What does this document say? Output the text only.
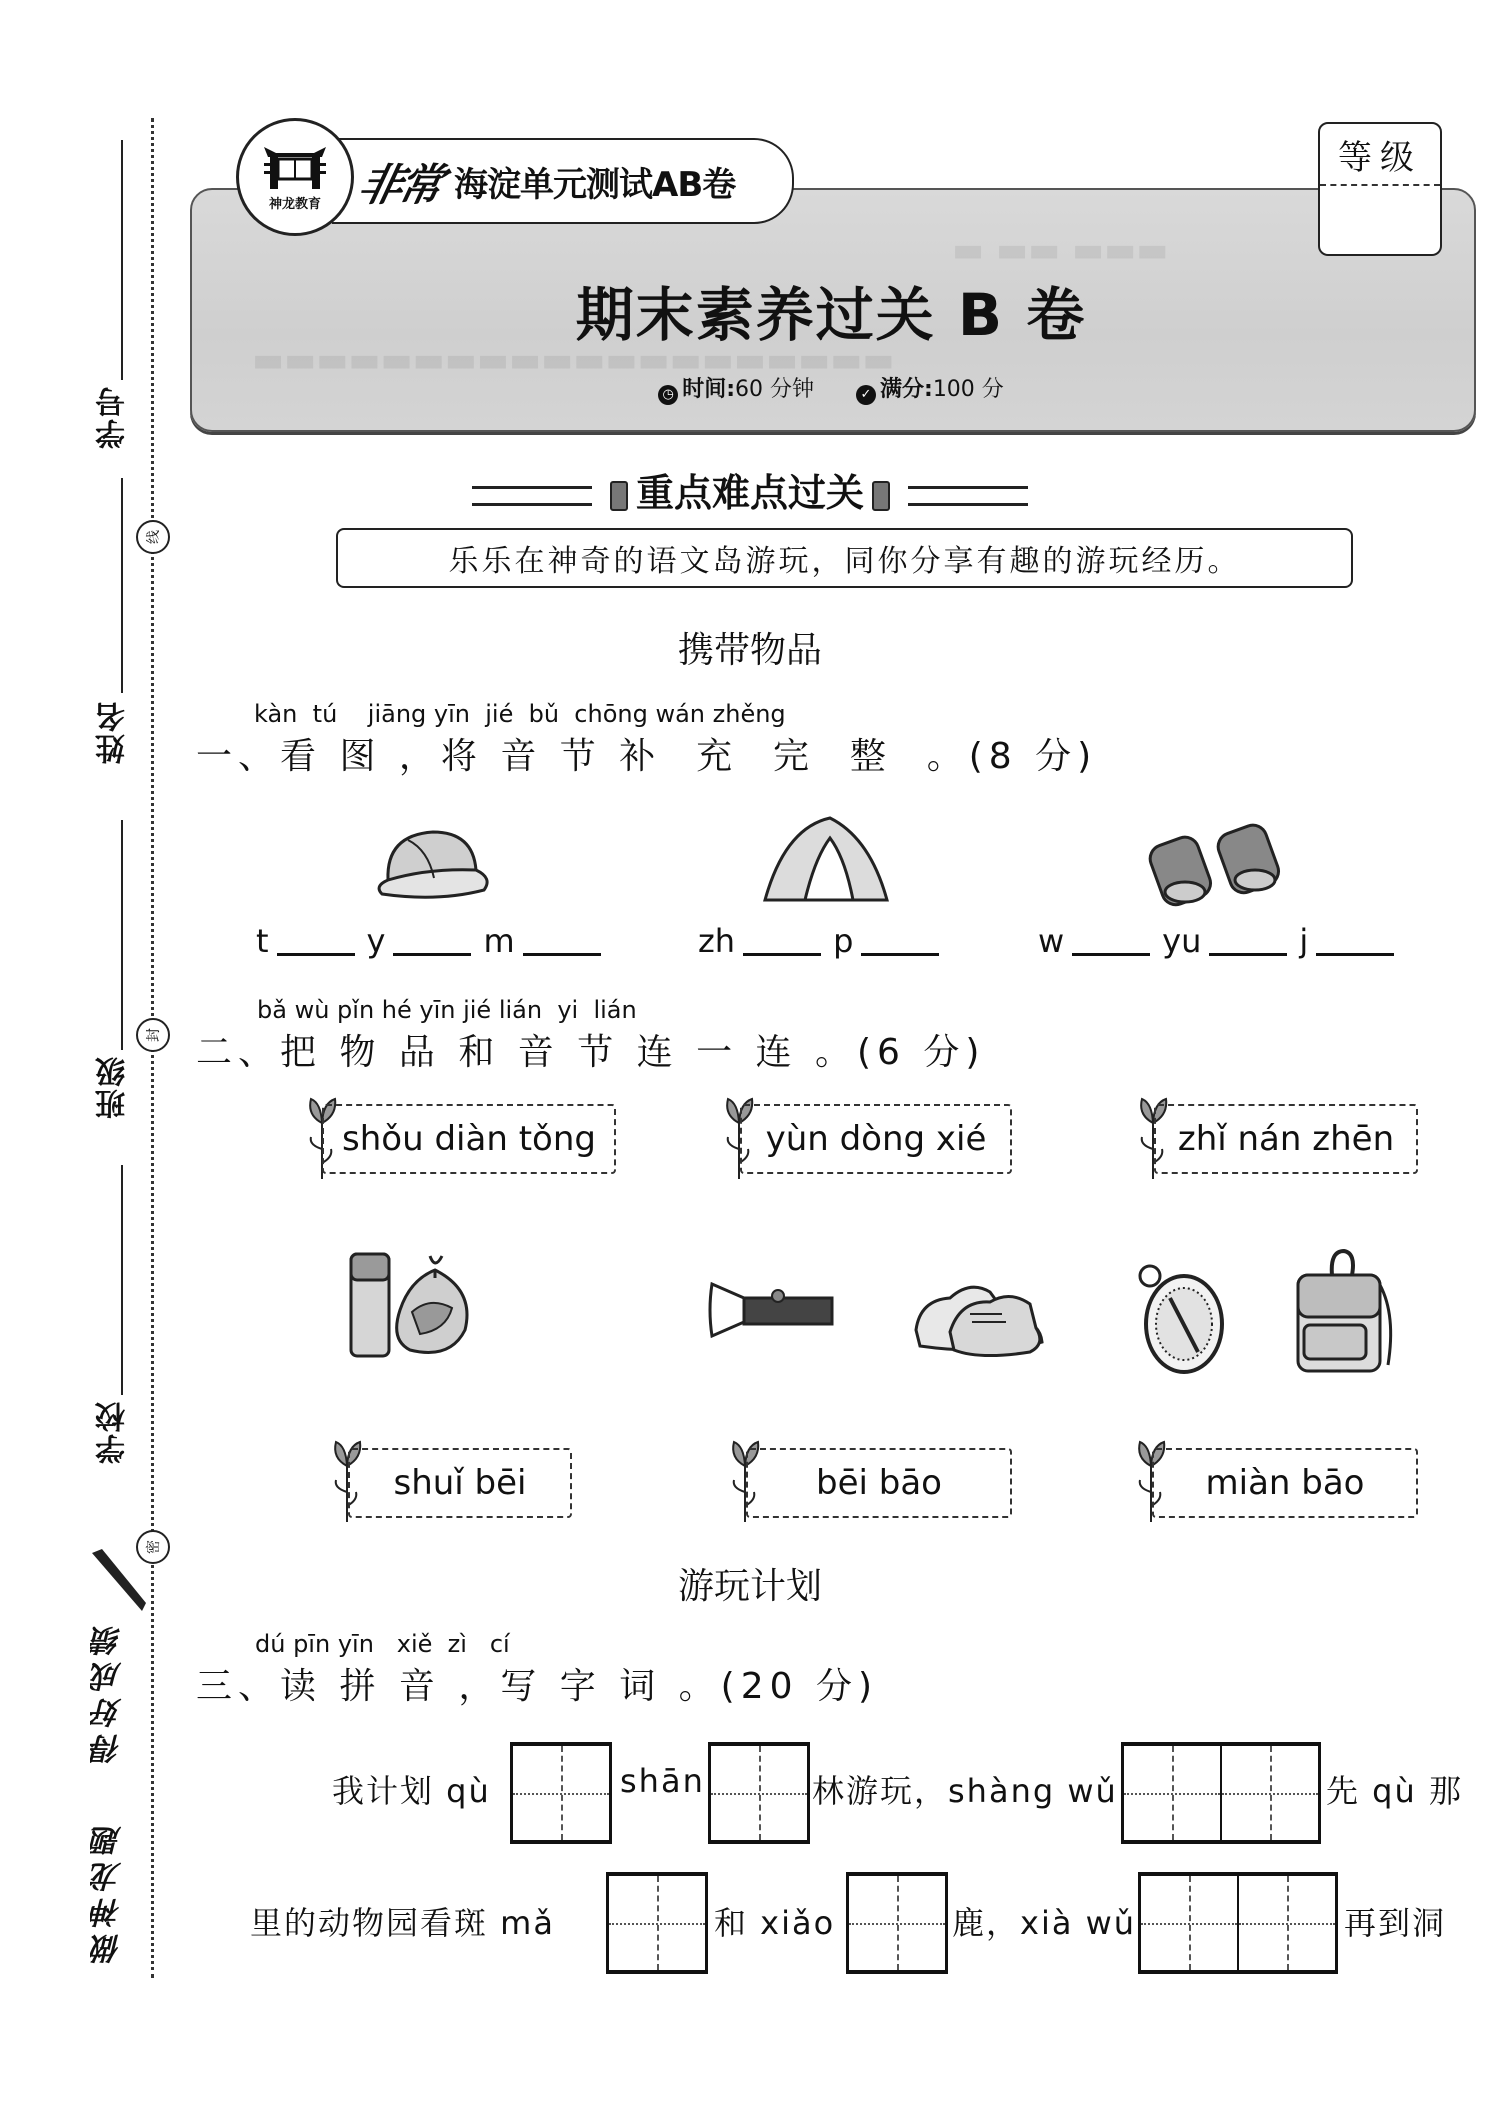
学号
姓名
班级
学校
线
封
密
得好成绩
做神龙题
▬ ▬▬ ▬▬▬
▬▬▬▬▬▬▬▬▬▬▬▬▬▬▬▬▬▬▬▬
神龙教育 非常 海淀单元测试AB卷
等级
期末素养过关 B 卷
◷ 时间:60 分钟	✓ 满分:100 分
重点难点过关
乐乐在神奇的语文岛游玩，同你分享有趣的游玩经历。
携带物品
kàn  tú    jiāng yīn  jié  bǔ  chōng wán zhěng
一、看 图 ，将 音 节 补  充  完  整  。(8 分)
t	y	m	zh	p	w	yu	j
bǎ wù pǐn hé yīn jié lián  yi  lián
二、把 物 品 和 音 节 连 一 连 。(6 分)
shǒu diàn tǒng	yùn dòng xié	zhǐ nán zhēn
shuǐ bēi	bēi bāo	miàn bāo
游玩计划
dú pīn yīn   xiě  zì   cí
三、读 拼 音 ，写 字 词 。(20 分)
我计划 qù	shān	林游玩，shàng wǔ	先 qù 那
里的动物园看斑 mǎ	和 xiǎo	鹿，xià wǔ	再到洞
